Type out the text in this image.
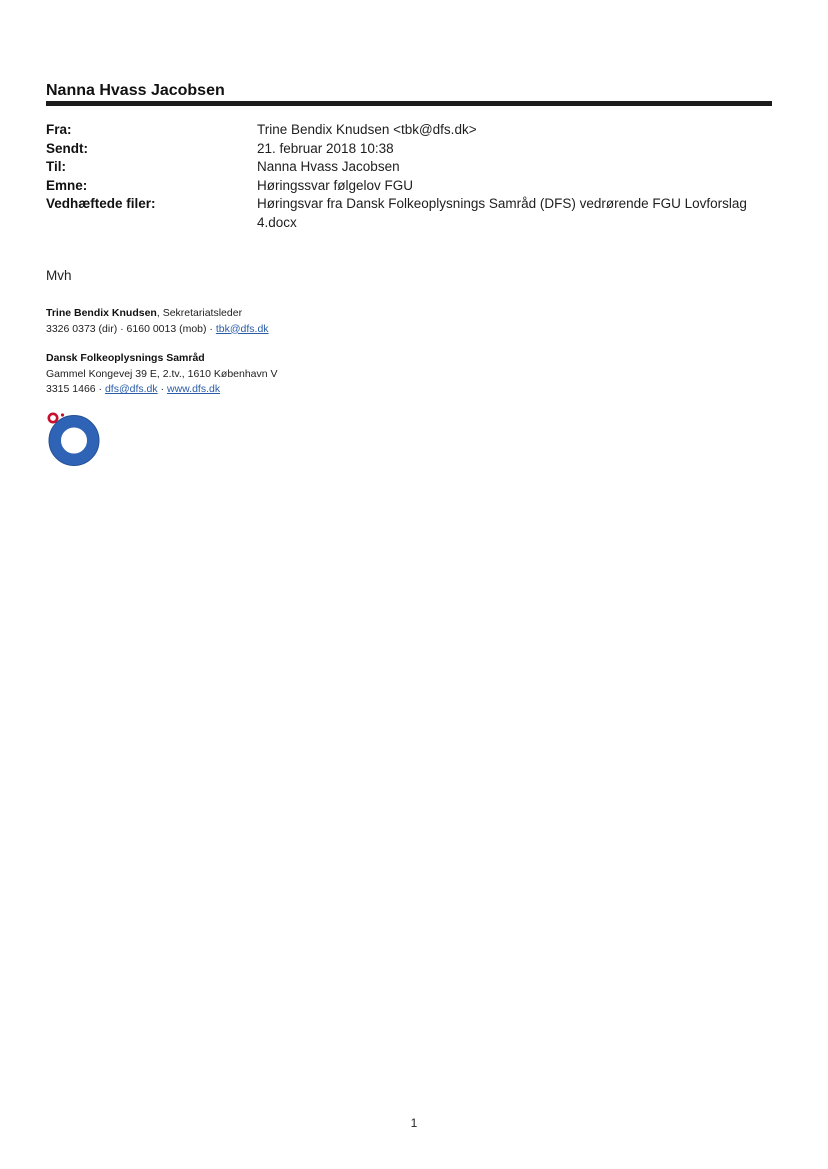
Nanna Hvass Jacobsen
Fra:	Trine Bendix Knudsen <tbk@dfs.dk>
Sendt:	21. februar 2018 10:38
Til:	Nanna Hvass Jacobsen
Emne:	Høringssvar følgelov FGU
Vedhæftede filer:	Høringsvar fra Dansk Folkeoplysnings Samråd (DFS) vedrørende FGU Lovforslag
4.docx
Mvh
Trine Bendix Knudsen, Sekretariatsleder
3326 0373 (dir) · 6160 0013 (mob) · tbk@dfs.dk
Dansk Folkeoplysnings Samråd
Gammel Kongevej 39 E, 2.tv., 1610 København V
3315 1466 · dfs@dfs.dk · www.dfs.dk
1
